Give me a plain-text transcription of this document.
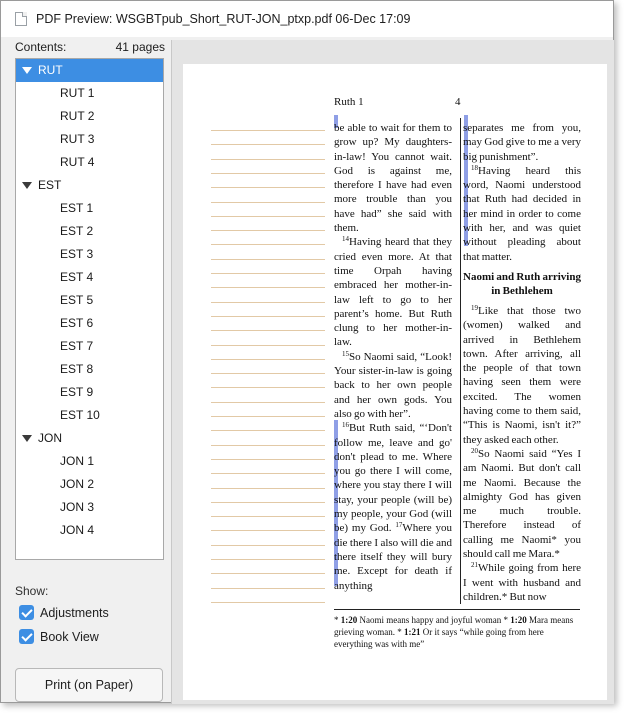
PDF Preview: WSGBTpub_Short_RUT-JON_ptxp.pdf 06-Dec 17:09
Contents:	41 pages
RUT
RUT 1
RUT 2
RUT 3
RUT 4
EST
EST 1
EST 2
EST 3
EST 4
EST 5
EST 6
EST 7
EST 8
EST 9
EST 10
JON
JON 1
JON 2
JON 3
JON 4
Show:
Adjustments
Book View
Print (on Paper)
Ruth 1	4

be able to wait for them to grow up? My daughters-in-law! You cannot wait. God is against me, therefore I have had even more trouble than you have had” she said with them.

$^{14}$Having heard that they cried even more. At that time Orpah having embraced her mother-in-law left to go to her parent’s home. But Ruth clung to her mother-in-law.

$^{15}$So Naomi said, “Look! Your sister-in-law is going back to her own people and her own gods. You also go with her”.

$^{16}$But Ruth said, “‘Don't follow me, leave and go' don't plead to me. Where you go there I will come, where you stay there I will stay, your people (will be) my people, your God (will be) my God. $^{17}$Where you die there I also will die and there itself they will bury me. Except for death if anything

separates me from you, may God give to me a very big punishment”.

$^{18}$Having heard this word, Naomi understood that Ruth had decided in her mind in order to come with her, and was quiet without pleading about that matter.

Naomi and Ruth arriving in Bethlehem

$^{19}$Like that those two (women) walked and arrived in Bethlehem town. After arriving, all the people of that town having seen them were excited. The women having come to them said, “This is Naomi, isn't it?” they asked each other.

$^{20}$So Naomi said “Yes I am Naomi. But don't call me Naomi. Because the almighty God has given me much trouble. Therefore instead of calling me Naomi* you should call me Mara.*

$^{21}$While going from here I went with husband and children.* But now

* 1:20 Naomi means happy and joyful woman * 1:20 Mara means grieving woman. * 1:21 Or it says “while going from here everything was with me”
